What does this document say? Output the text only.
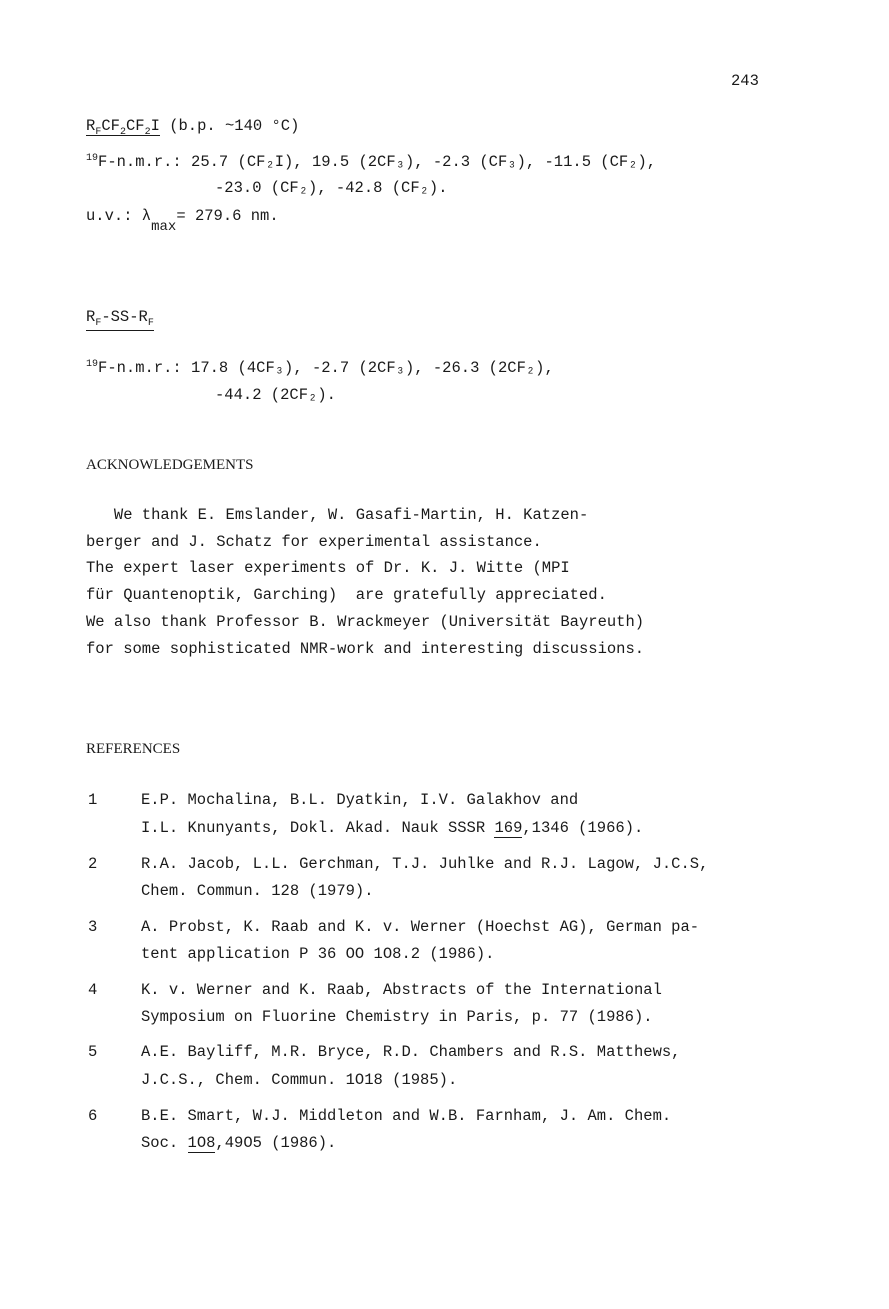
243
$R_FCF_2CF_2I$ (b.p. ~140 °C)
$^{19}$F-n.m.r.: 25.7 (CF₂I), 19.5 (2CF₃), -2.3 (CF₃), -11.5 (CF₂),
-23.0 (CF₂), -42.8 (CF₂).
u.v.: $\lambda_{max}= 279.6$ nm.
$R_F-SS-R_F$
$^{19}$F-n.m.r.: 17.8 (4CF₃), -2.7 (2CF₃), -26.3 (2CF₂),
-44.2 (2CF₂).
ACKNOWLEDGEMENTS
We thank E. Emslander, W. Gasafi-Martin, H. Katzen-
berger and J. Schatz for experimental assistance.
The expert laser experiments of Dr. K. J. Witte (MPI
für Quantenoptik, Garching)  are gratefully appreciated.
We also thank Professor B. Wrackmeyer (Universität Bayreuth)
for some sophisticated NMR-work and interesting discussions.
REFERENCES
1	E.P. Mochalina, B.L. Dyatkin, I.V. Galakhov and
I.L. Knunyants, Dokl. Akad. Nauk SSSR 169,1346 (1966).
2	R.A. Jacob, L.L. Gerchman, T.J. Juhlke and R.J. Lagow, J.C.S,
Chem. Commun. 128 (1979).
3	A. Probst, K. Raab and K. v. Werner (Hoechst AG), German pa-
tent application P 36 OO 1O8.2 (1986).
4	K. v. Werner and K. Raab, Abstracts of the International
Symposium on Fluorine Chemistry in Paris, p. 77 (1986).
5	A.E. Bayliff, M.R. Bryce, R.D. Chambers and R.S. Matthews,
J.C.S., Chem. Commun. 1O18 (1985).
6	B.E. Smart, W.J. Middleton and W.B. Farnham, J. Am. Chem.
Soc. 1O8,49O5 (1986).
